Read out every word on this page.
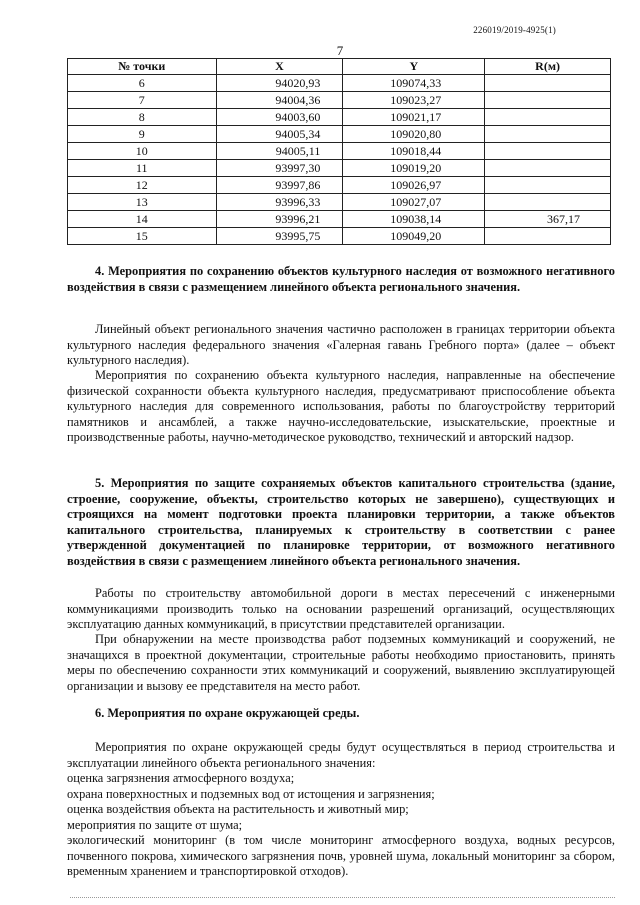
226019/2019-4925(1)
7
№ точки	X	Y	R(м)
6	94020,93	109074,33	
7	94004,36	109023,27	
8	94003,60	109021,17	
9	94005,34	109020,80	
10	94005,11	109018,44	
11	93997,30	109019,20	
12	93997,86	109026,97	
13	93996,33	109027,07	
14	93996,21	109038,14	367,17
15	93995,75	109049,20	

4. Мероприятия по сохранению объектов культурного наследия от возможного негативного воздействия в связи с размещением линейного объекта регионального значения.

Линейный объект регионального значения частично расположен в границах территории объекта культурного наследия федерального значения «Галерная гавань Гребного порта» (далее – объект культурного наследия).

Мероприятия по сохранению объекта культурного наследия, направленные на обеспечение физической сохранности объекта культурного наследия, предусматривают приспособление объекта культурного наследия для современного использования, работы по благоустройству территорий памятников и ансамблей, а также научно-исследовательские, изыскательские, проектные и производственные работы, научно-методическое руководство, технический и авторский надзор.

5. Мероприятия по защите сохраняемых объектов капитального строительства (здание, строение, сооружение, объекты, строительство которых не завершено), существующих и строящихся на момент подготовки проекта планировки территории, а также объектов капитального строительства, планируемых к строительству в соответствии с ранее утвержденной документацией по планировке территории, от возможного негативного воздействия в связи с размещением линейного объекта регионального значения.

Работы по строительству автомобильной дороги в местах пересечений с инженерными коммуникациями производить только на основании разрешений организаций, осуществляющих эксплуатацию данных коммуникаций, в присутствии представителей организации.

При обнаружении на месте производства работ подземных коммуникаций и сооружений, не значащихся в проектной документации, строительные работы необходимо приостановить, принять меры по обеспечению сохранности этих коммуникаций и сооружений, выявлению эксплуатирующей организации и вызову ее представителя на место работ.

6. Мероприятия по охране окружающей среды.

Мероприятия по охране окружающей среды будут осуществляться в период строительства и эксплуатации линейного объекта регионального значения:

оценка загрязнения атмосферного воздуха;

охрана поверхностных и подземных вод от истощения и загрязнения;

оценка воздействия объекта на растительность и животный мир;

мероприятия по защите от шума;

экологический мониторинг (в том числе мониторинг атмосферного воздуха, водных ресурсов, почвенного покрова, химического загрязнения почв, уровней шума, локальный мониторинг за сбором, временным хранением и транспортировкой отходов).
